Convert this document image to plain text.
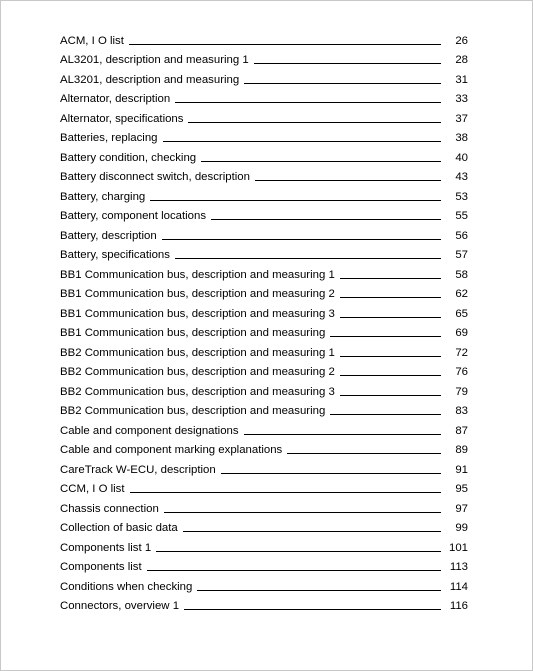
ACM, I O list	26
AL3201, description and measuring 1	28
AL3201, description and measuring	31
Alternator, description	33
Alternator, specifications	37
Batteries, replacing	38
Battery condition, checking	40
Battery disconnect switch, description	43
Battery, charging	53
Battery, component locations	55
Battery, description	56
Battery, specifications	57
BB1 Communication bus, description and measuring 1	58
BB1 Communication bus, description and measuring 2	62
BB1 Communication bus, description and measuring 3	65
BB1 Communication bus, description and measuring	69
BB2 Communication bus, description and measuring 1	72
BB2 Communication bus, description and measuring 2	76
BB2 Communication bus, description and measuring 3	79
BB2 Communication bus, description and measuring	83
Cable and component designations	87
Cable and component marking explanations	89
CareTrack W-ECU, description	91
CCM, I O list	95
Chassis connection	97
Collection of basic data	99
Components list 1	101
Components list	113
Conditions when checking	114
Connectors, overview 1	116
